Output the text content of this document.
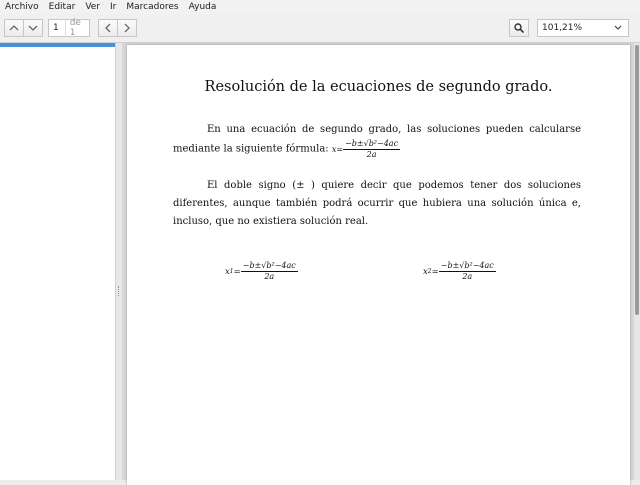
Archivo	Editar	Ver	Ir	Marcadores	Ayuda
1	de 1	101,21%
Resolución de la ecuaciones de segundo grado.
En una ecuación de segundo grado, las soluciones pueden calcularse mediante la siguiente fórmula: $x= \frac{\text{−b±√b²−4ac}}{2a}$
El doble signo (± ) quiere decir que podemos tener dos soluciones diferentes, aunque también podrá ocurrir que hubiera una solución única e, incluso, que no existiera solución real.
x $1 = \frac{\text{−b±√b²−4ac}}{2a}$	x $2 = \frac{\text{−b±√b²−4ac}}{2a}$
